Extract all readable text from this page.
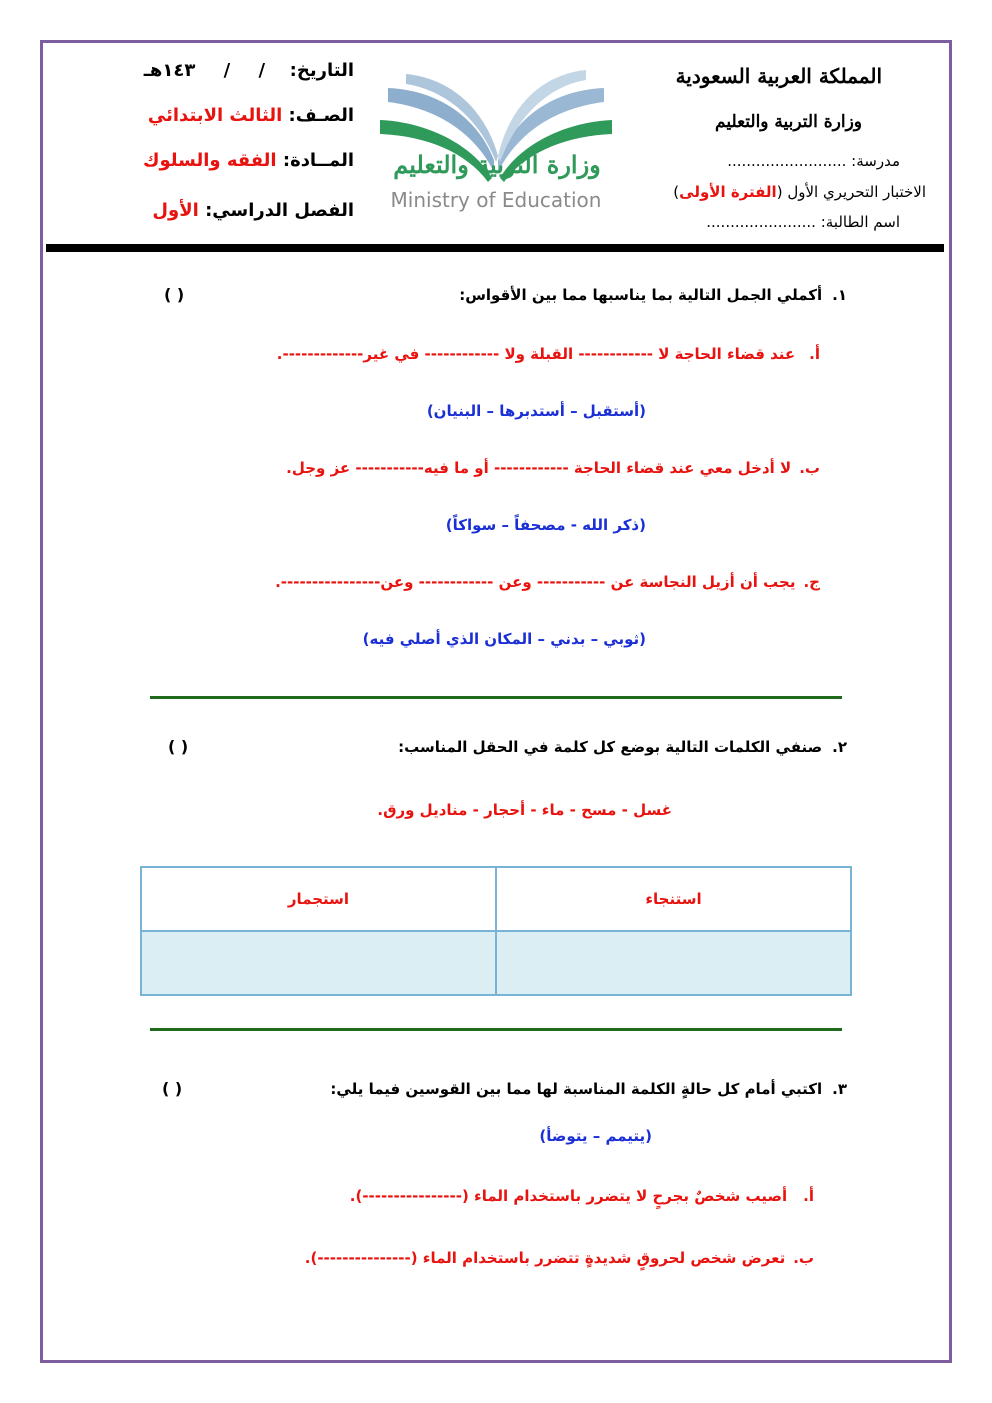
المملكة العربية السعودية
وزارة التربية والتعليم
مدرسة: .........................
الاختبار التحريري الأول (الفترة الأولى)
اسم الطالبة: .......................
وزارة التربية والتعليم
Ministry of Education
التاريخ: / / ١٤٣هـ
الصـف: الثالث الابتدائي
المــادة: الفقه والسلوك
الفصل الدراسي: الأول
١.أكملي الجمل التالية بما يناسبها مما بين الأقواس:
( )
أ.عند قضاء الحاجة لا ------------ القبلة ولا ------------ في غير-------------.
(أستقبل – أستدبرها – البنيان)
ب.لا أدخل معي عند قضاء الحاجة ------------ أو ما فيه----------- عز وجل.
(ذكر الله - مصحفاً – سواكاً)
ج.يجب أن أزيل النجاسة عن ----------- وعن ------------ وعن----------------.
(ثوبي – بدني – المكان الذي أصلي فيه)
٢.صنفي الكلمات التالية بوضع كل كلمة في الحقل المناسب:
( )
غسل - مسح - ماء - أحجار - مناديل ورق.
استجمار	استنجاء

٣.اكتبي أمام كل حالةٍ الكلمة المناسبة لها مما بين القوسين فيما يلي:
( )
(يتيمم – يتوضأ)
أ.أصيب شخصٌ بجرحٍ لا يتضرر باستخدام الماء (----------------).
ب.تعرض شخص لحروقٍ شديدةٍ تتضرر باستخدام الماء (---------------).
